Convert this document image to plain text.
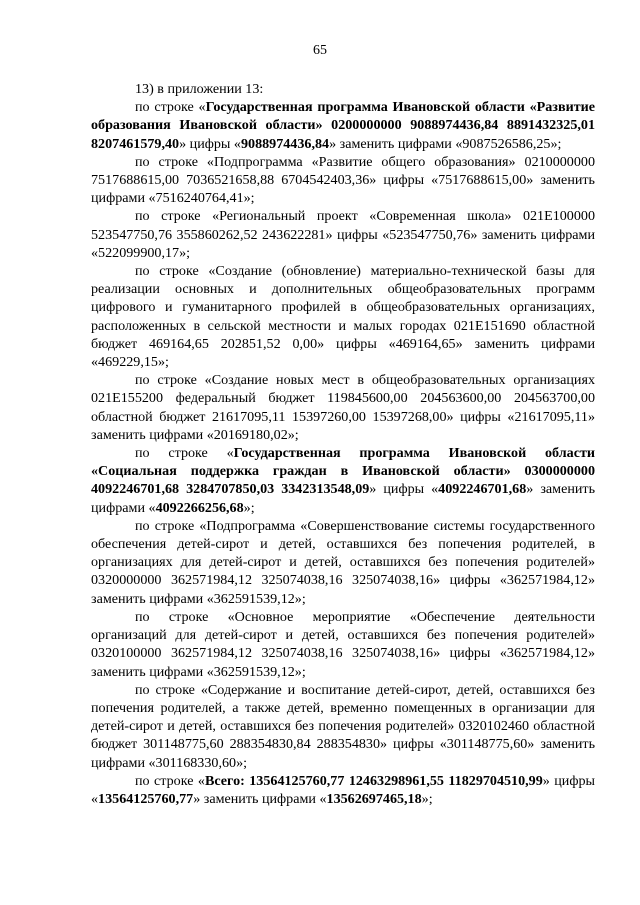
65

13) в приложении 13:

по строке «Государственная программа Ивановской области «Развитие образования Ивановской области» 0200000000 9088974436,84 8891432325,01 8207461579,40» цифры «9088974436,84» заменить цифрами «9087526586,25»;

по строке «Подпрограмма «Развитие общего образования» 0210000000 7517688615,00 7036521658,88 6704542403,36» цифры «7517688615,00» заменить цифрами «7516240764,41»;

по строке «Региональный проект «Современная школа» 021E100000 523547750,76 355860262,52 243622281» цифры «523547750,76» заменить цифрами «522099900,17»;

по строке «Создание (обновление) материально-технической базы для реализации основных и дополнительных общеобразовательных программ цифрового и гуманитарного профилей в общеобразовательных организациях, расположенных в сельской местности и малых городах 021E151690 областной бюджет 469164,65 202851,52 0,00» цифры «469164,65» заменить цифрами «469229,15»;

по строке «Создание новых мест в общеобразовательных организациях 021E155200 федеральный бюджет 119845600,00 204563600,00 204563700,00 областной бюджет 21617095,11 15397260,00 15397268,00» цифры «21617095,11» заменить цифрами «20169180,02»;

по строке «Государственная программа Ивановской области «Социальная поддержка граждан в Ивановской области» 0300000000 4092246701,68 3284707850,03 3342313548,09» цифры «4092246701,68» заменить цифрами «4092266256,68»;

по строке «Подпрограмма «Совершенствование системы государственного обеспечения детей-сирот и детей, оставшихся без попечения родителей, в организациях для детей-сирот и детей, оставшихся без попечения родителей» 0320000000 362571984,12 325074038,16 325074038,16» цифры «362571984,12» заменить цифрами «362591539,12»;

по строке «Основное мероприятие «Обеспечение деятельности организаций для детей-сирот и детей, оставшихся без попечения родителей» 0320100000 362571984,12 325074038,16 325074038,16» цифры «362571984,12» заменить цифрами «362591539,12»;

по строке «Содержание и воспитание детей-сирот, детей, оставшихся без попечения родителей, а также детей, временно помещенных в организации для детей-сирот и детей, оставшихся без попечения родителей» 0320102460 областной бюджет 301148775,60 288354830,84 288354830» цифры «301148775,60» заменить цифрами «301168330,60»;

по строке «Всего: 13564125760,77 12463298961,55 11829704510,99» цифры «13564125760,77» заменить цифрами «13562697465,18»;
